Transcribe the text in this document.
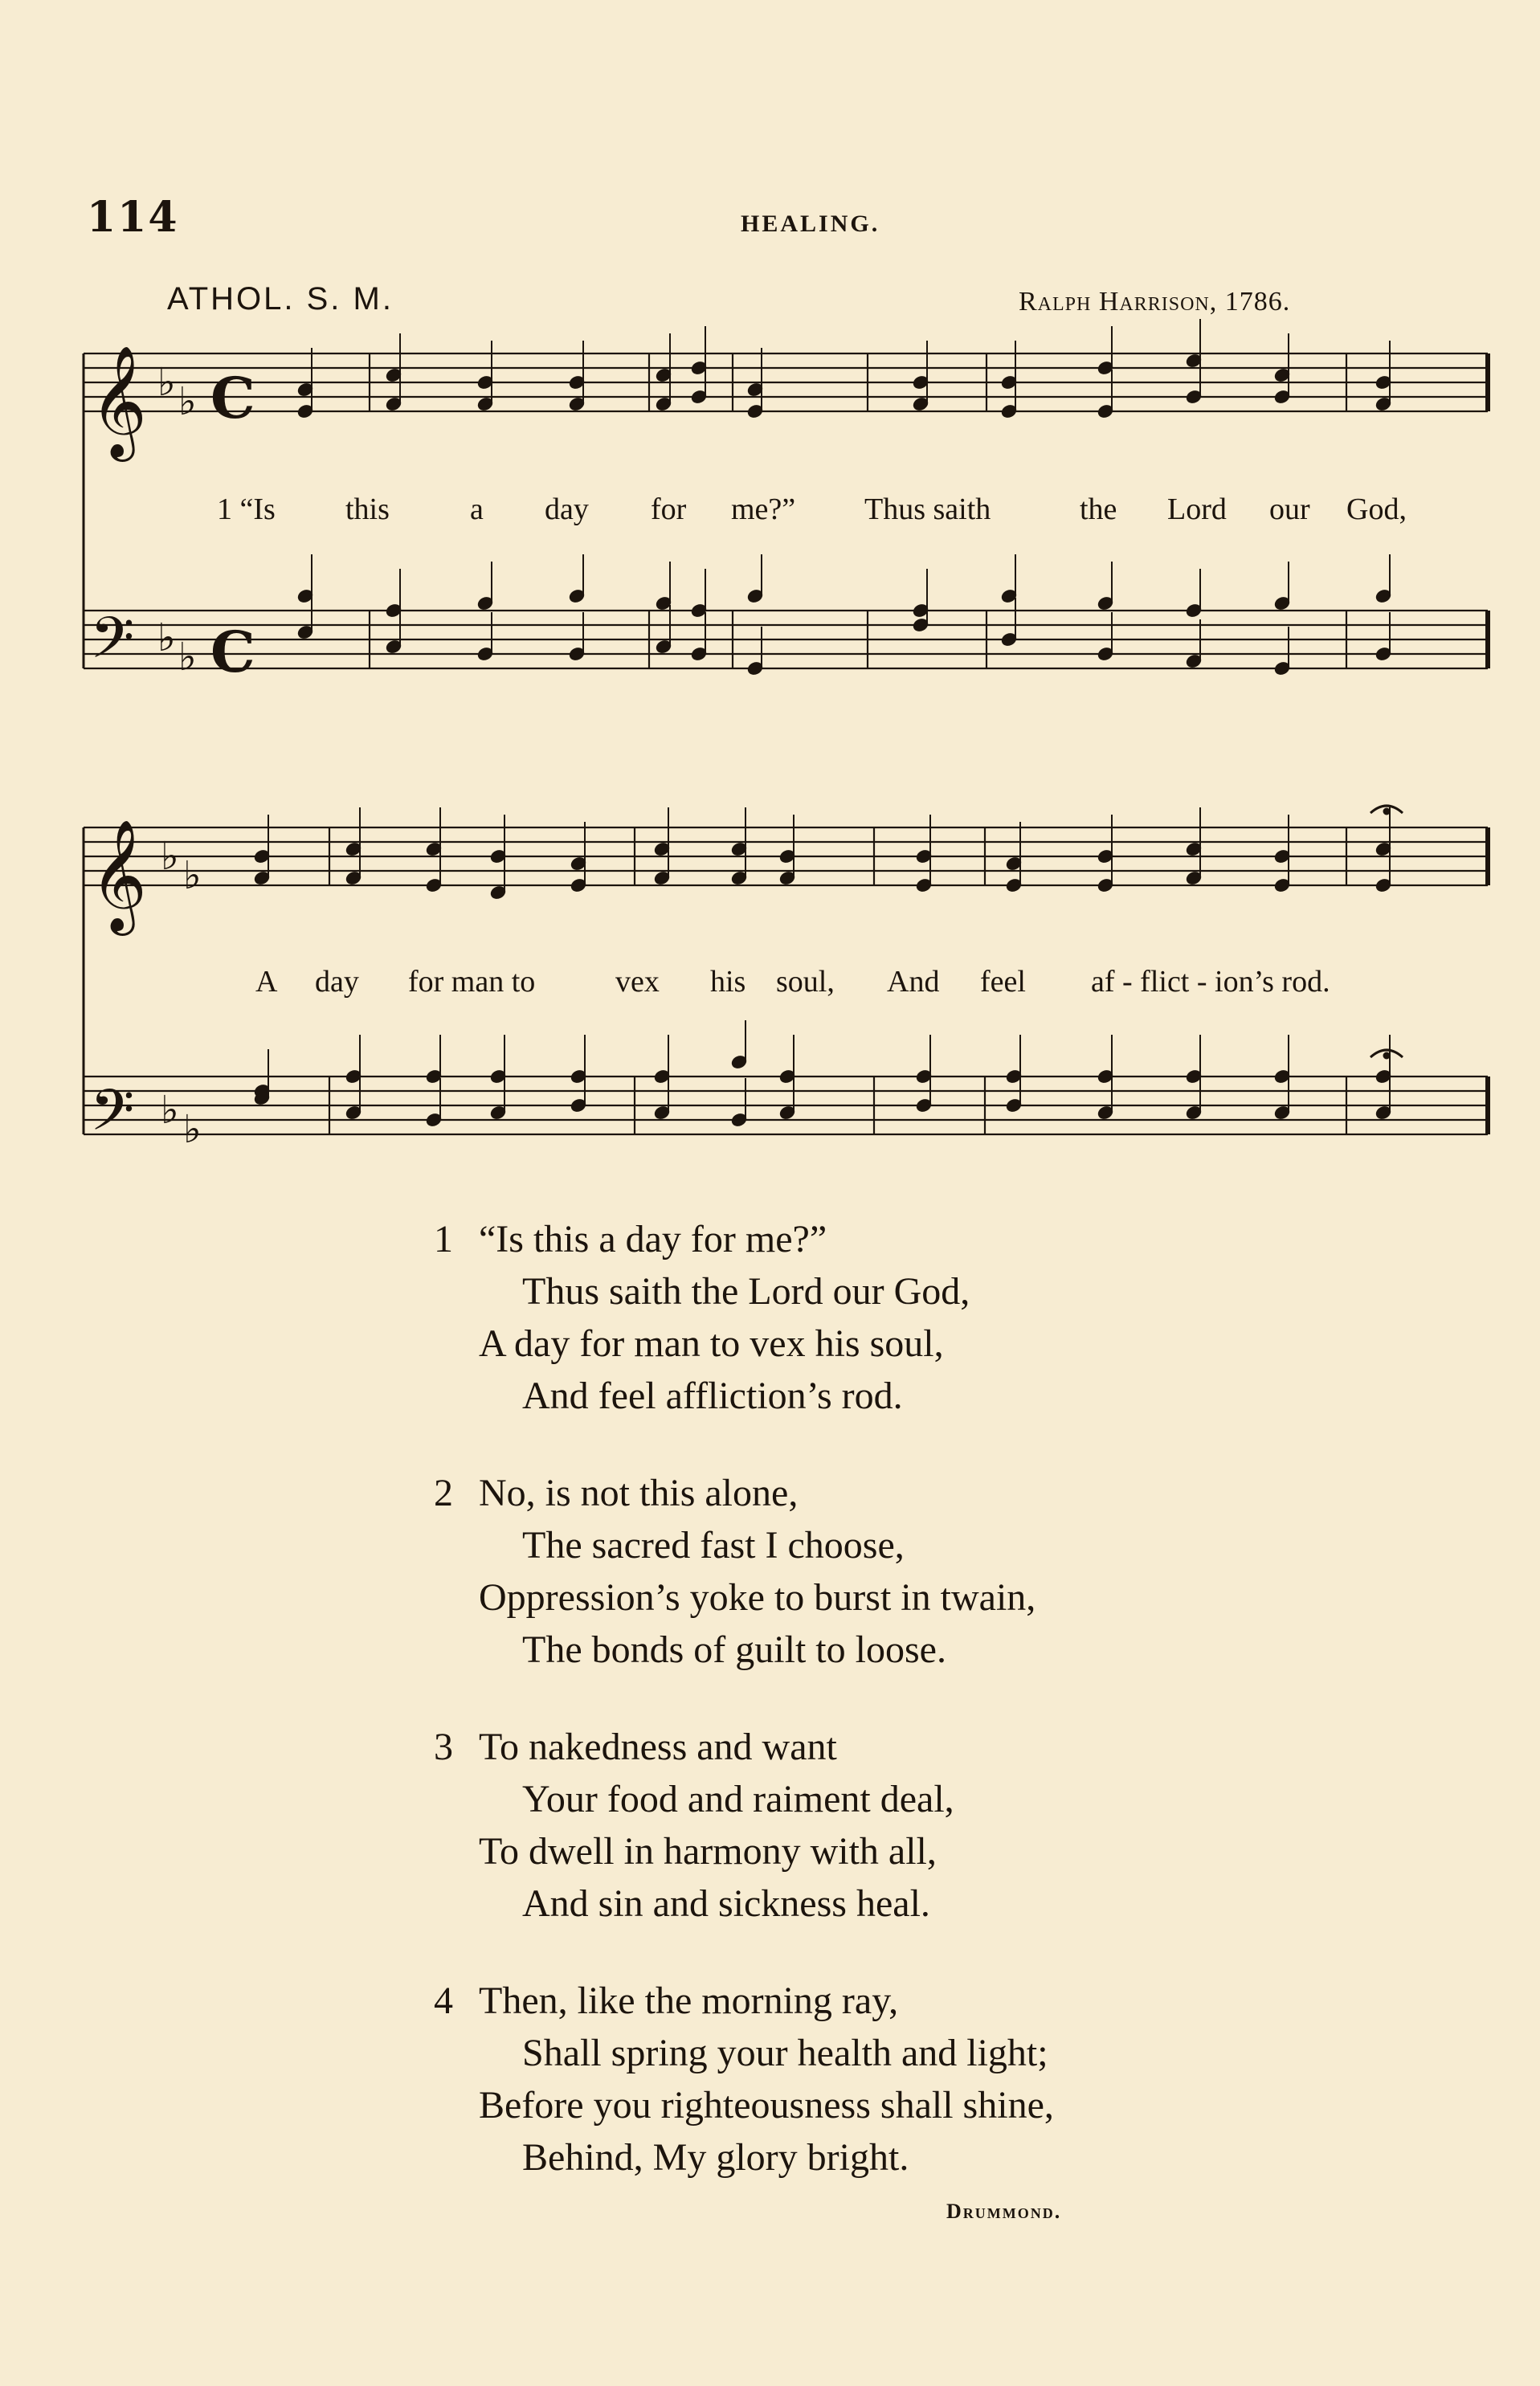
114	HEALING.
ATHOL. S. M.	Ralph Harrison, 1786.
𝄞
𝄢
𝄞
𝄢
♭ ♭
♭ ♭
♭ ♭
♭ ♭
C
C
1 “Is this	a day for me?” Thus saith	the Lord our God,
A day for man to	vex his soul, And feel af - flict - ion’s rod.
1 “Is this a day for me?”
Thus saith the Lord our God,
A day for man to vex his soul,
And feel affliction’s rod.
2 No, is not this alone,
The sacred fast I choose,
Oppression’s yoke to burst in twain,
The bonds of guilt to loose.
3 To nakedness and want
Your food and raiment deal,
To dwell in harmony with all,
And sin and sickness heal.
4 Then, like the morning ray,
Shall spring your health and light;
Before you righteousness shall shine,
Behind, My glory bright.
Drummond.
